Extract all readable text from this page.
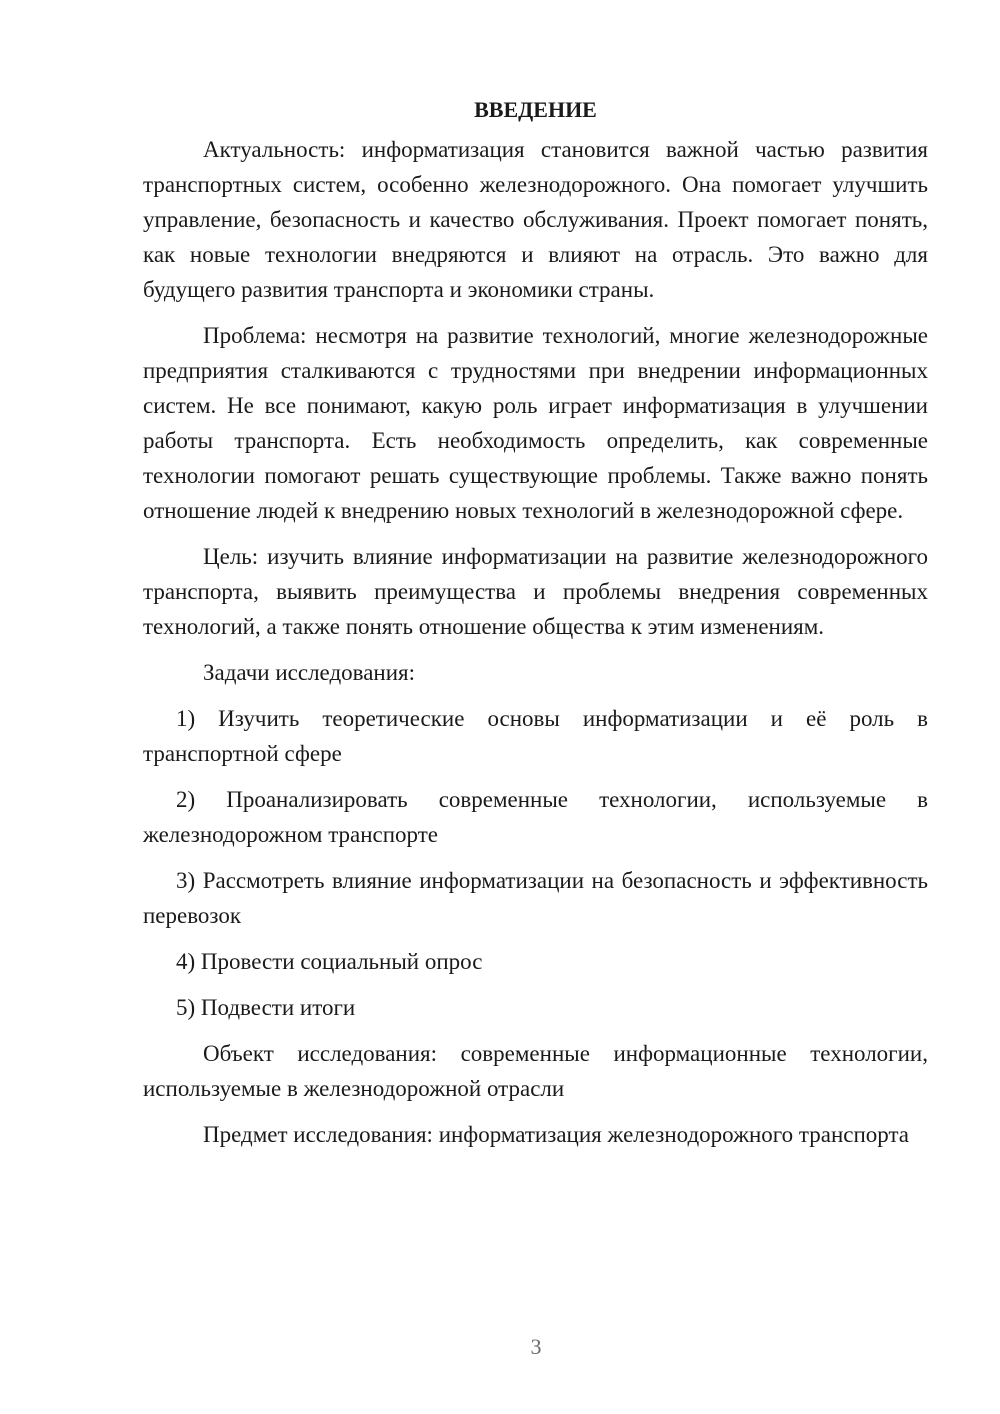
ВВЕДЕНИЕ

Актуальность: информатизация становится важной частью развития транспортных систем, особенно железнодорожного. Она помогает улучшить управление, безопасность и качество обслуживания. Проект помогает понять, как новые технологии внедряются и влияют на отрасль. Это важно для будущего развития транспорта и экономики страны.

Проблема: несмотря на развитие технологий, многие железнодорожные предприятия сталкиваются с трудностями при внедрении информационных систем. Не все понимают, какую роль играет информатизация в улучшении работы транспорта. Есть необходимость определить, как современные технологии помогают решать существующие проблемы. Также важно понять отношение людей к внедрению новых технологий в железнодорожной сфере.

Цель: изучить влияние информатизации на развитие железнодорожного транспорта, выявить преимущества и проблемы внедрения современных технологий, а также понять отношение общества к этим изменениям.

Задачи исследования:

1) Изучить теоретические основы информатизации и её роль в транспортной сфере

2) Проанализировать современные технологии, используемые в железнодорожном транспорте

3) Рассмотреть влияние информатизации на безопасность и эффективность перевозок

4) Провести социальный опрос

5) Подвести итоги

Объект исследования: современные информационные технологии, используемые в железнодорожной отрасли

Предмет исследования: информатизация железнодорожного транспорта

3
